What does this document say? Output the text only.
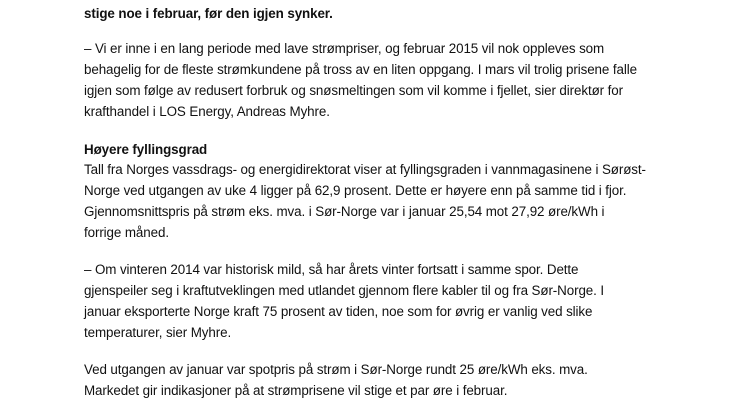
stige noe i februar, før den igjen synker.
– Vi er inne i en lang periode med lave strømpriser, og februar 2015 vil nok oppleves som
behagelig for de fleste strømkundene på tross av en liten oppgang. I mars vil trolig prisene falle
igjen som følge av redusert forbruk og snøsmeltingen som vil komme i fjellet, sier direktør for
krafthandel i LOS Energy, Andreas Myhre.
Høyere fyllingsgrad
Tall fra Norges vassdrags- og energidirektorat viser at fyllingsgraden i vannmagasinene i Sørøst-
Norge ved utgangen av uke 4 ligger på 62,9 prosent. Dette er høyere enn på samme tid i fjor.
Gjennomsnittspris på strøm eks. mva. i Sør-Norge var i januar 25,54 mot 27,92 øre/kWh i
forrige måned.
– Om vinteren 2014 var historisk mild, så har årets vinter fortsatt i samme spor. Dette
gjenspeiler seg i kraftutveklingen med utlandet gjennom flere kabler til og fra Sør-Norge. I
januar eksporterte Norge kraft 75 prosent av tiden, noe som for øvrig er vanlig ved slike
temperaturer, sier Myhre.
Ved utgangen av januar var spotpris på strøm i Sør-Norge rundt 25 øre/kWh eks. mva.
Markedet gir indikasjoner på at strømprisene vil stige et par øre i februar.
